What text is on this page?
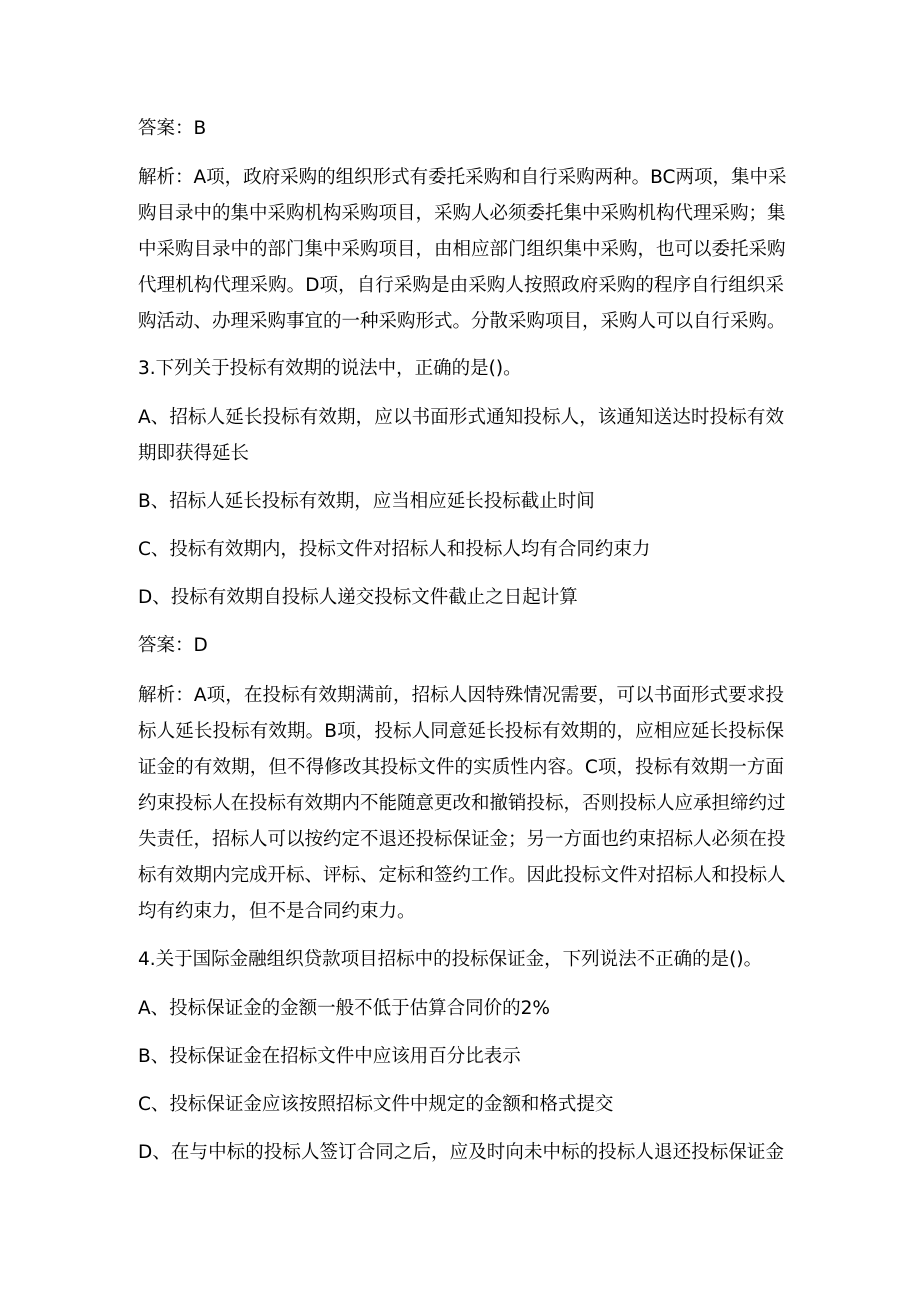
答案：B
解析：A项，政府采购的组织形式有委托采购和自行采购两种。BC两项，集中采
购目录中的集中采购机构采购项目，采购人必须委托集中采购机构代理采购；集
中采购目录中的部门集中采购项目，由相应部门组织集中采购，也可以委托采购
代理机构代理采购。D项，自行采购是由采购人按照政府采购的程序自行组织采
购活动、办理采购事宜的一种采购形式。分散采购项目，采购人可以自行采购。
3.下列关于投标有效期的说法中，正确的是()。
A、招标人延长投标有效期，应以书面形式通知投标人，该通知送达时投标有效
期即获得延长
B、招标人延长投标有效期，应当相应延长投标截止时间
C、投标有效期内，投标文件对招标人和投标人均有合同约束力
D、投标有效期自投标人递交投标文件截止之日起计算
答案：D
解析：A项，在投标有效期满前，招标人因特殊情况需要，可以书面形式要求投
标人延长投标有效期。B项，投标人同意延长投标有效期的，应相应延长投标保
证金的有效期，但不得修改其投标文件的实质性内容。C项，投标有效期一方面
约束投标人在投标有效期内不能随意更改和撤销投标，否则投标人应承担缔约过
失责任，招标人可以按约定不退还投标保证金；另一方面也约束招标人必须在投
标有效期内完成开标、评标、定标和签约工作。因此投标文件对招标人和投标人
均有约束力，但不是合同约束力。
4.关于国际金融组织贷款项目招标中的投标保证金，下列说法不正确的是()。
A、投标保证金的金额一般不低于估算合同价的2%
B、投标保证金在招标文件中应该用百分比表示
C、投标保证金应该按照招标文件中规定的金额和格式提交
D、在与中标的投标人签订合同之后，应及时向未中标的投标人退还投标保证金
